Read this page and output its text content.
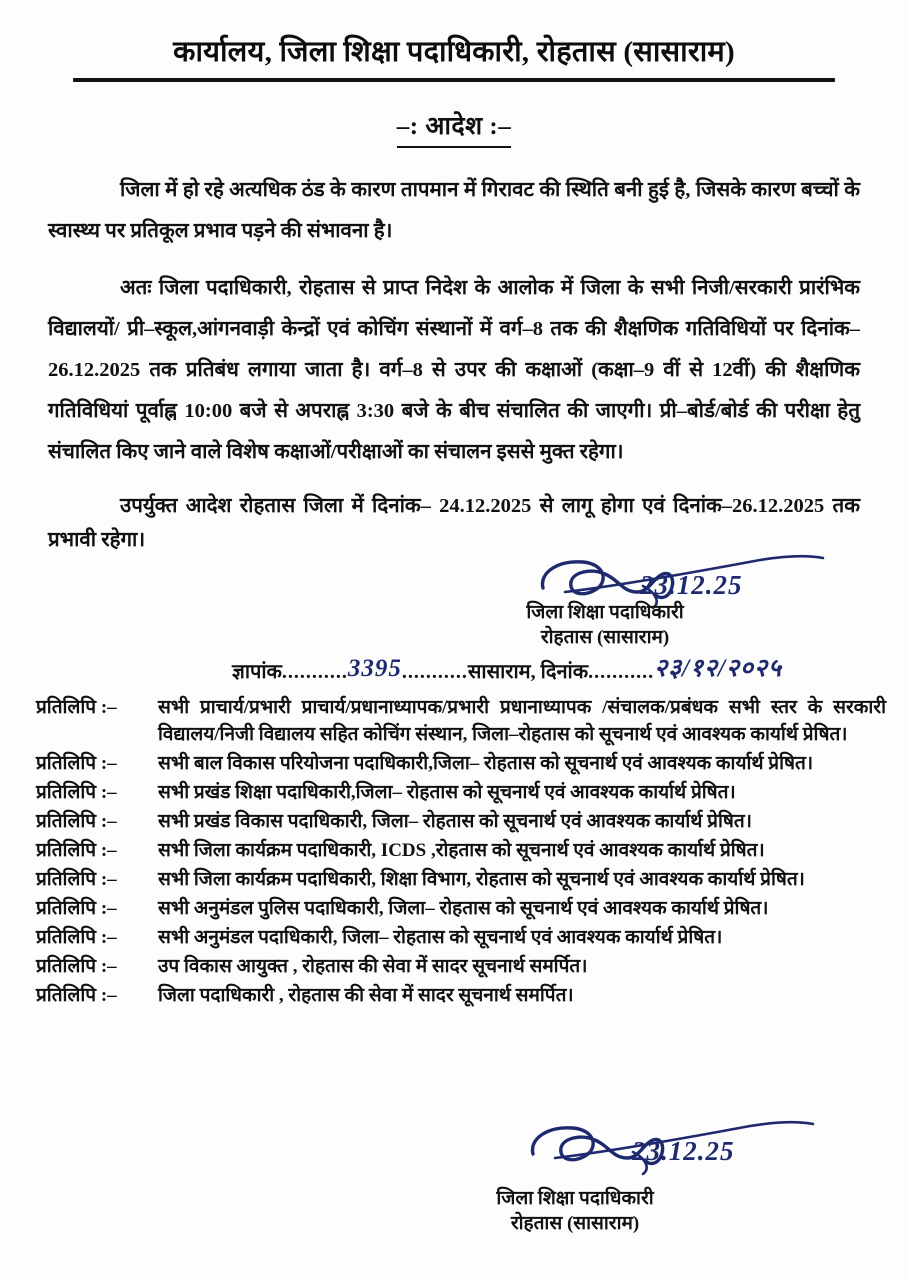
कार्यालय, जिला शिक्षा पदाधिकारी, रोहतास (सासाराम)
–: आदेश :–

जिला में हो रहे अत्यधिक ठंड के कारण तापमान में गिरावट की स्थिति बनी हुई है, जिसके कारण बच्चों के स्वास्थ्य पर प्रतिकूल प्रभाव पड़ने की संभावना है।

अतः जिला पदाधिकारी, रोहतास से प्राप्त निदेश के आलोक में जिला के सभी निजी/सरकारी प्रारंभिक विद्यालयों/ प्री–स्कूल,आंगनवाड़ी केन्द्रों एवं कोचिंग संस्थानों में वर्ग–8 तक की शैक्षणिक गतिविधियों पर दिनांक–26.12.2025 तक प्रतिबंध लगाया जाता है। वर्ग–8 से उपर की कक्षाओं (कक्षा–9 वीं से 12वीं) की शैक्षणिक गतिविधियां पूर्वाह्न 10:00 बजे से अपराह्न 3:30 बजे के बीच संचालित की जाएगी। प्री–बोर्ड/बोर्ड की परीक्षा हेतु संचालित किए जाने वाले विशेष कक्षाओं/परीक्षाओं का संचालन इससे मुक्त रहेगा।

उपर्युक्त आदेश रोहतास जिला में दिनांक– 24.12.2025 से लागू होगा एवं दिनांक–26.12.2025 तक प्रभावी रहेगा।

23.12.25
जिला शिक्षा पदाधिकारी
रोहतास (सासाराम)
ज्ञापांक...........3395...........सासाराम, दिनांक...........२३/१२/२०२५
प्रतिलिपि :–	सभी प्राचार्य/प्रभारी प्राचार्य/प्रधानाध्यापक/प्रभारी प्रधानाध्यापक /संचालक/प्रबंधक सभी स्तर के सरकारी विद्यालय/निजी विद्यालय सहित कोचिंग संस्थान, जिला–रोहतास को सूचनार्थ एवं आवश्यक कार्यार्थ प्रेषित।
प्रतिलिपि :–	सभी बाल विकास परियोजना पदाधिकारी,जिला– रोहतास को सूचनार्थ एवं आवश्यक कार्यार्थ प्रेषित।
प्रतिलिपि :–	सभी प्रखंड शिक्षा पदाधिकारी,जिला– रोहतास को सूचनार्थ एवं आवश्यक कार्यार्थ प्रेषित।
प्रतिलिपि :–	सभी प्रखंड विकास पदाधिकारी, जिला– रोहतास को सूचनार्थ एवं आवश्यक कार्यार्थ प्रेषित।
प्रतिलिपि :–	सभी जिला कार्यक्रम पदाधिकारी, ICDS ,रोहतास को सूचनार्थ एवं आवश्यक कार्यार्थ प्रेषित।
प्रतिलिपि :–	सभी जिला कार्यक्रम पदाधिकारी, शिक्षा विभाग, रोहतास को सूचनार्थ एवं आवश्यक कार्यार्थ प्रेषित।
प्रतिलिपि :–	सभी अनुमंडल पुलिस पदाधिकारी, जिला– रोहतास को सूचनार्थ एवं आवश्यक कार्यार्थ प्रेषित।
प्रतिलिपि :–	सभी अनुमंडल पदाधिकारी, जिला– रोहतास को सूचनार्थ एवं आवश्यक कार्यार्थ प्रेषित।
प्रतिलिपि :–	उप विकास आयुक्त , रोहतास की सेवा में सादर सूचनार्थ समर्पित।
प्रतिलिपि :–	जिला पदाधिकारी , रोहतास की सेवा में सादर सूचनार्थ समर्पित।
23.12.25
जिला शिक्षा पदाधिकारी
रोहतास (सासाराम)
